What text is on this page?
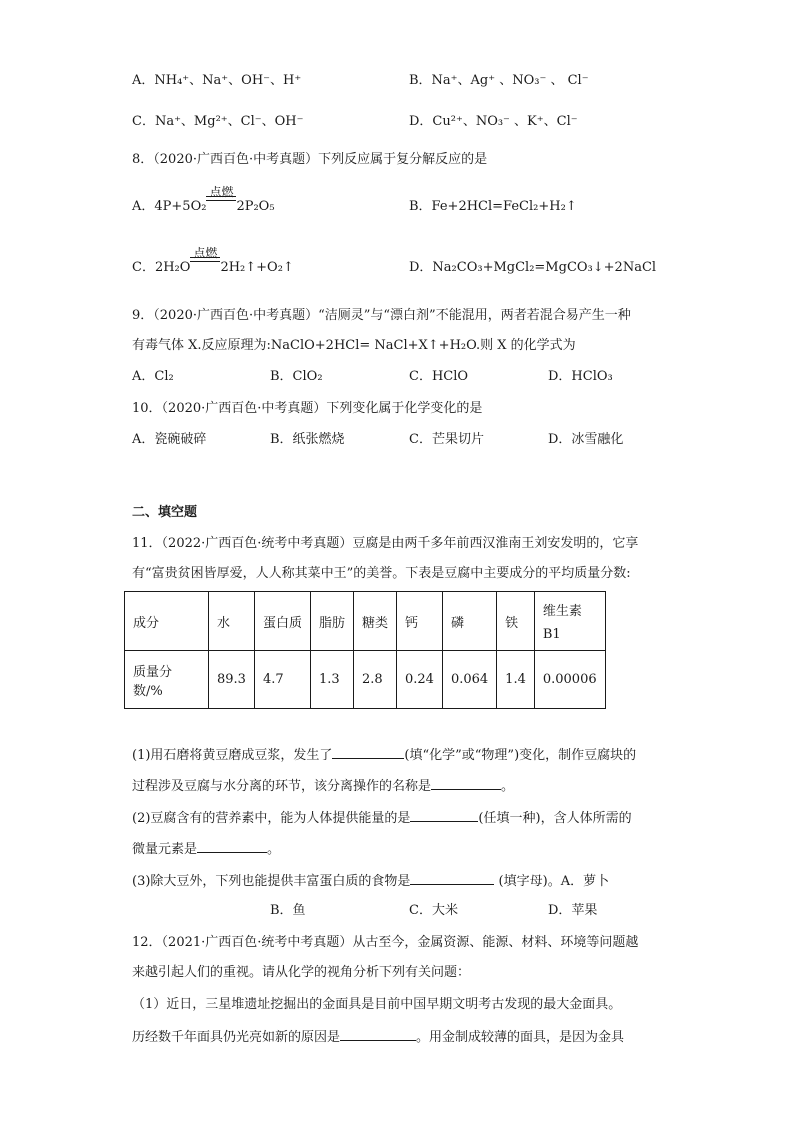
A．NH₄⁺、Na⁺、OH⁻、H⁺	B．Na⁺、Ag⁺ 、NO₃⁻ 、 Cl⁻
C．Na⁺、Mg²⁺、Cl⁻、OH⁻	D．Cu²⁺、NO₃⁻ 、K⁺、Cl⁻
8．（2020·广西百色·中考真题）下列反应属于复分解反应的是
A．4P+5O₂
点燃
2P₂O₅	B．Fe+2HCl=FeCl₂+H₂↑
C．2H₂O
点燃
2H₂↑+O₂↑	D．Na₂CO₃+MgCl₂=MgCO₃↓+2NaCl
9．（2020·广西百色·中考真题）“洁厕灵”与“漂白剂”不能混用，两者若混合易产生一种
有毒气体 X.反应原理为:NaClO+2HCl= NaCl+X↑+H₂O.则 X 的化学式为
A．Cl₂	B．ClO₂	C．HClO	D．HClO₃
10．（2020·广西百色·中考真题）下列变化属于化学变化的是
A．瓷碗破碎	B．纸张燃烧	C．芒果切片	D．冰雪融化
二、填空题
11．（2022·广西百色·统考中考真题）豆腐是由两千多年前西汉淮南王刘安发明的，它享
有“富贵贫困皆厚爱，人人称其菜中王”的美誉。下表是豆腐中主要成分的平均质量分数:
成分	水	蛋白质	脂肪	糖类	钙	磷	铁	维生素
B1

质量分数/%	89.3	4.7	1.3	2.8	0.24	0.064	1.4	0.00006
(1)用石磨将黄豆磨成豆浆，发生了	(填“化学”或“物理”)变化，制作豆腐块的
过程涉及豆腐与水分离的环节，该分离操作的名称是	。
(2)豆腐含有的营养素中，能为人体提供能量的是	(任填一种)，含人体所需的
微量元素是	。
(3)除大豆外，下列也能提供丰富蛋白质的食物是	(填字母)。A．萝卜
B．鱼	C．大米	D．苹果
12．（2021·广西百色·统考中考真题）从古至今，金属资源、能源、材料、环境等问题越
来越引起人们的重视。请从化学的视角分析下列有关问题：
（1）近日，三星堆遗址挖掘出的金面具是目前中国早期文明考古发现的最大金面具。
历经数千年面具仍光亮如新的原因是	。用金制成较薄的面具，是因为金具
